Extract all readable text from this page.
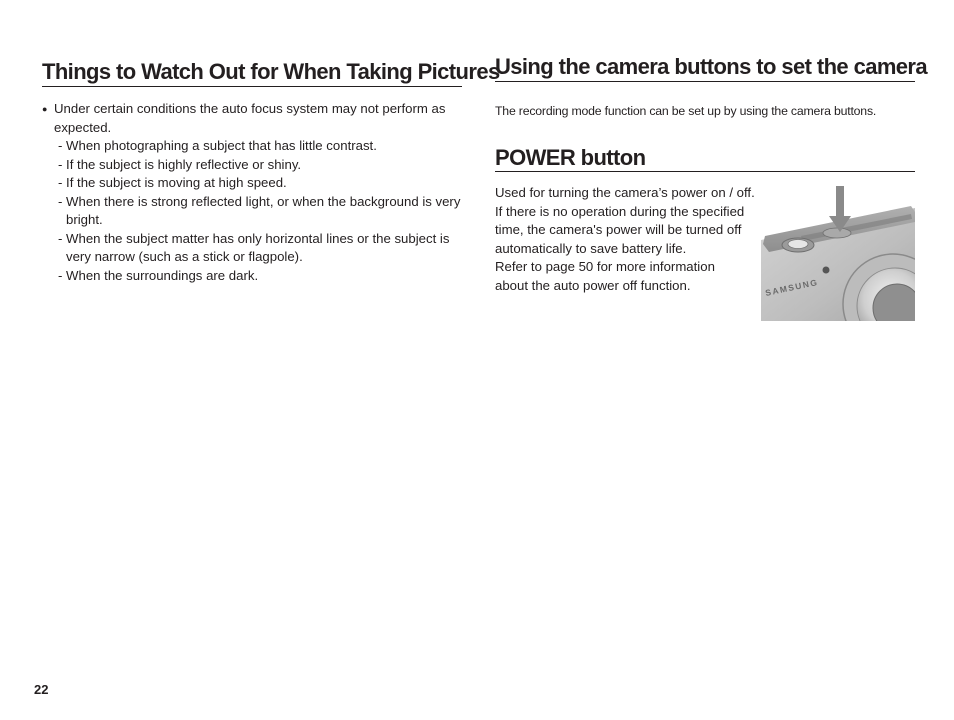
Things to Watch Out for When Taking Pictures
● Under certain conditions the auto focus system may not perform as expected.
- When photographing a subject that has little contrast.
- If the subject is highly reflective or shiny.
- If the subject is moving at high speed.
- When there is strong reflected light, or when the background is very bright.
- When the subject matter has only horizontal lines or the subject is very narrow (such as a stick or flagpole).
- When the surroundings are dark.
Using the camera buttons to set the camera

The recording mode function can be set up by using the camera buttons.

POWER button
Used for turning the camera’s power on / off.
If there is no operation during the specified
time, the camera's power will be turned off
automatically to save battery life.
Refer to page 50 for more information
about the auto power off function.	SAMSUNG
22
